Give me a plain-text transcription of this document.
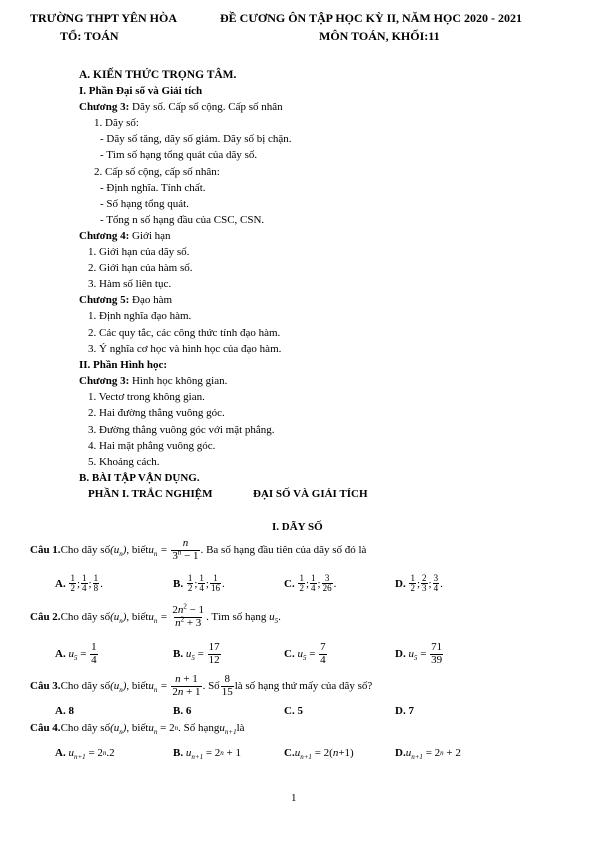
TRƯỜNG THPT YÊN HÒA
TỔ: TOÁN
ĐỀ CƯƠNG ÔN TẬP HỌC KỲ II, NĂM HỌC 2020 - 2021
MÔN TOÁN, KHỐI:11
A. KIẾN THỨC TRỌNG TÂM.
I. Phần Đại số và Giải tích
Chương 3: Dãy số. Cấp số cộng. Cấp số nhân
1. Dãy số:
- Dãy số tăng, dãy số giảm. Dãy số bị chặn.
- Tìm số hạng tổng quát của dãy số.
2. Cấp số cộng, cấp số nhân:
- Định nghĩa. Tính chất.
- Số hạng tổng quát.
- Tổng n số hạng đầu của CSC, CSN.
Chương 4: Giới hạn
1. Giới hạn của dãy số.
2. Giới hạn của hàm số.
3. Hàm số liên tục.
Chương 5: Đạo hàm
1. Định nghĩa đạo hàm.
2. Các quy tắc, các công thức tính đạo hàm.
3. Ý nghĩa cơ học và hình học của đạo hàm.
II. Phần Hình học:
Chương 3: Hình học không gian.
1. Vectơ trong không gian.
2. Hai đường thẳng vuông góc.
3. Đường thẳng vuông góc với mặt phẳng.
4. Hai mặt phẳng vuông góc.
5. Khoảng cách.
B. BÀI TẬP VẬN DỤNG.
PHẦN I. TRẮC NGHIỆM	ĐẠI SỐ VÀ GIẢI TÍCH
I. DÃY SỐ
Câu 1. Cho dãy số $(u_n)$ , biết $u_n = \frac{n}{3^n - 1}$ . Ba số hạng đầu tiên của dãy số đó là
A.
$\frac{1}{2}$ ; $\frac{1}{4}$ ; $\frac{1}{8}$ .	B.
$\frac{1}{2}$ ; $\frac{1}{4}$ ; $\frac{1}{16}$ .	C.
$\frac{1}{2}$ ; $\frac{1}{4}$ ; $\frac{3}{26}$ .	D.
$\frac{1}{2}$ ; $\frac{2}{3}$ ; $\frac{3}{4}$ .
Câu 2. Cho dãy số $(u_n)$ , biết $u_n = \frac{2n^2 - 1}{n^2 + 3}$ . Tìm số hạng
$u_5$ .
A.
$u_5 = \frac{1}{4}$	B.
$u_5 = \frac{17}{12}$	C.
$u_5 = \frac{7}{4}$	D.
$u_5 = \frac{71}{39}$
Câu 3. Cho dãy số $(u_n)$ , biết $u_n = \frac{n + 1}{2n + 1}$ . Số $\frac{8}{15}$ là số hạng thứ mấy của dãy số?
A. 8	B. 6	C. 5	D. 7
Câu 4. Cho dãy số $(u_n)$ , biết $u_n = 2$ n . Số hạng $u_{n+1}$ là
A.
$u_{n+1} = 2$ n .2	B.
$u_{n+1} = 2$ n + 1	C. $u_{n+1} = 2$( n +1)	D. $u_{n+1} = 2$ n + 2
1
